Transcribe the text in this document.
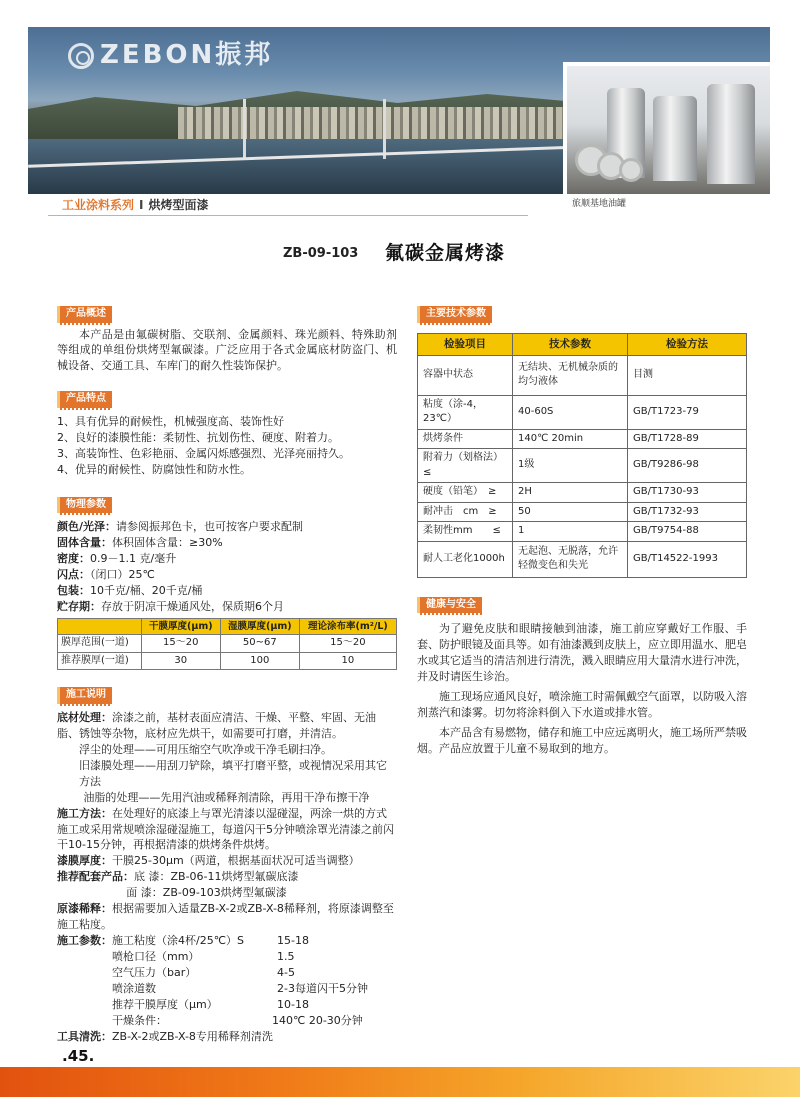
ZEBON振邦
工业涂料系列 I 烘烤型面漆	旅顺基地油罐
ZB-09-103 氟碳金属烤漆
产品概述

本产品是由氟碳树脂、交联剂、金属颜料、珠光颜料、特殊助剂等组成的单组份烘烤型氟碳漆。广泛应用于各式金属底材防盗门、机械设备、交通工具、车库门的耐久性装饰保护。

产品特点

1、具有优异的耐候性，机械强度高、装饰性好

2、良好的漆膜性能：柔韧性、抗划伤性、硬度、附着力。

3、高装饰性、色彩艳丽、金属闪烁感强烈、光泽亮丽持久。

4、优异的耐候性、防腐蚀性和防水性。

物理参数

颜色/光泽：请参阅振邦色卡，也可按客户要求配制

固体含量：体积固体含量：≥30%

密度：0.9－1.1 克/毫升

闪点：（闭口）25℃

包装：10千克/桶、20千克/桶

贮存期：存放于阴凉干燥通风处，保质期6个月

	干膜厚度(μm)	湿膜厚度(μm)	理论涂布率(m²/L)
膜厚范围(一道)	15～20	50~67	15～20
推荐膜厚(一道)	30	100	10
施工说明

底材处理：涂漆之前，基材表面应清洁、干燥、平整、牢固、无油脂、锈蚀等杂物，底材应先烘干，如需要可打磨，并清洁。

浮尘的处理——可用压缩空气吹净或干净毛刷扫净。

旧漆膜处理——用刮刀铲除，填平打磨平整，或视情况采用其它方法

油脂的处理——先用汽油或稀释剂清除，再用干净布擦干净

施工方法：在处理好的底漆上与罩光清漆以湿碰湿，两涂一烘的方式施工或采用常规喷涂湿碰湿施工，每道闪干5分钟喷涂罩光清漆之前闪干10-15分钟，再根据清漆的烘烤条件烘烤。

漆膜厚度：干膜25-30μm（两道，根据基面状况可适当调整）

推荐配套产品：底 漆：ZB-06-11烘烤型氟碳底漆

面 漆：ZB-09-103烘烤型氟碳漆

原漆稀释：根据需要加入适量ZB-X-2或ZB-X-8稀释剂，将原漆调整至施工粘度。

施工参数： 施工粘度（涂4杯/25℃）S	15-18
喷枪口径（mm）	1.5
空气压力（bar）	4-5
喷涂道数	2-3每道闪干5分钟
推荐干膜厚度（μm）	10-18
干燥条件：	140℃ 20-30分钟

工具清洗：ZB-X-2或ZB-X-8专用稀释剂清洗

主要技术参数
检验项目	技术参数	检验方法
容器中状态	无结块、无机械杂质的均匀液体	目测
粘度（涂-4，23℃）	40-60S	GB/T1723-79
烘烤条件	140℃ 20min	GB/T1728-89
附着力（划格法）≤	1级	GB/T9286-98
硬度（铅笔）　≥	2H	GB/T1730-93
耐冲击　cm　≥	50	GB/T1732-93
柔韧性mm　　≤	1	GB/T9754-88
耐人工老化1000h	无起泡、无脱落，允许轻微变色和失光	GB/T14522-1993
健康与安全

为了避免皮肤和眼睛接触到油漆，施工前应穿戴好工作服、手套、防护眼镜及面具等。如有油漆溅到皮肤上，应立即用温水、肥皂水或其它适当的清洁剂进行清洗，溅入眼睛应用大量清水进行冲洗，并及时请医生诊治。

施工现场应通风良好，喷涂施工时需佩戴空气面罩，以防吸入溶剂蒸汽和漆雾。切勿将涂料倒入下水道或排水管。

本产品含有易燃物，储存和施工中应远离明火，施工场所严禁吸烟。产品应放置于儿童不易取到的地方。

.45.
